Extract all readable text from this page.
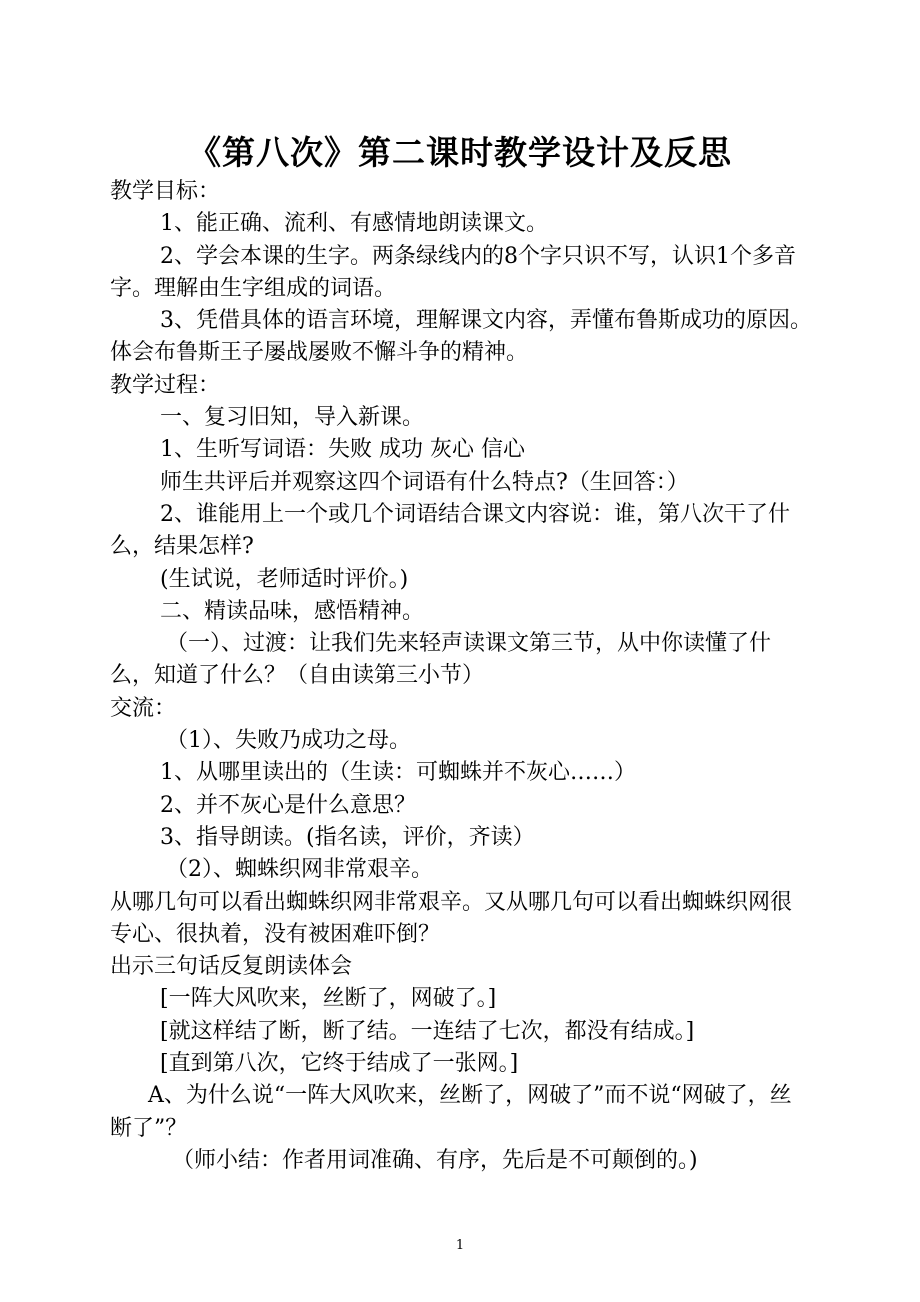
《第八次》第二课时教学设计及反思

教学目标：

1、能正确、流利、有感情地朗读课文。

2、学会本课的生字。两条绿线内的8个字只识不写，认识1个多音字。理解由生字组成的词语。

3、凭借具体的语言环境，理解课文内容，弄懂布鲁斯成功的原因。体会布鲁斯王子屡战屡败不懈斗争的精神。

教学过程：

一、复习旧知，导入新课。

1、生听写词语：失败 成功 灰心 信心

师生共评后并观察这四个词语有什么特点?（生回答：）

2、谁能用上一个或几个词语结合课文内容说：谁，第八次干了什么，结果怎样?

(生试说，老师适时评价。)

二、精读品味，感悟精神。

（一）、过渡：让我们先来轻声读课文第三节，从中你读懂了什么，知道了什么？（自由读第三小节）

交流：

（1）、失败乃成功之母。

1、从哪里读出的（生读：可蜘蛛并不灰心……）

2、并不灰心是什么意思？

3、指导朗读。(指名读，评价，齐读）

（2）、蜘蛛织网非常艰辛。

从哪几句可以看出蜘蛛织网非常艰辛。又从哪几句可以看出蜘蛛织网很专心、很执着，没有被困难吓倒？

出示三句话反复朗读体会

[一阵大风吹来，丝断了，网破了。]

[就这样结了断，断了结。一连结了七次，都没有结成。]

[直到第八次，它终于结成了一张网。]

A、为什么说“一阵大风吹来，丝断了，网破了”而不说“网破了，丝断了”？

（师小结：作者用词准确、有序，先后是不可颠倒的。)

1
